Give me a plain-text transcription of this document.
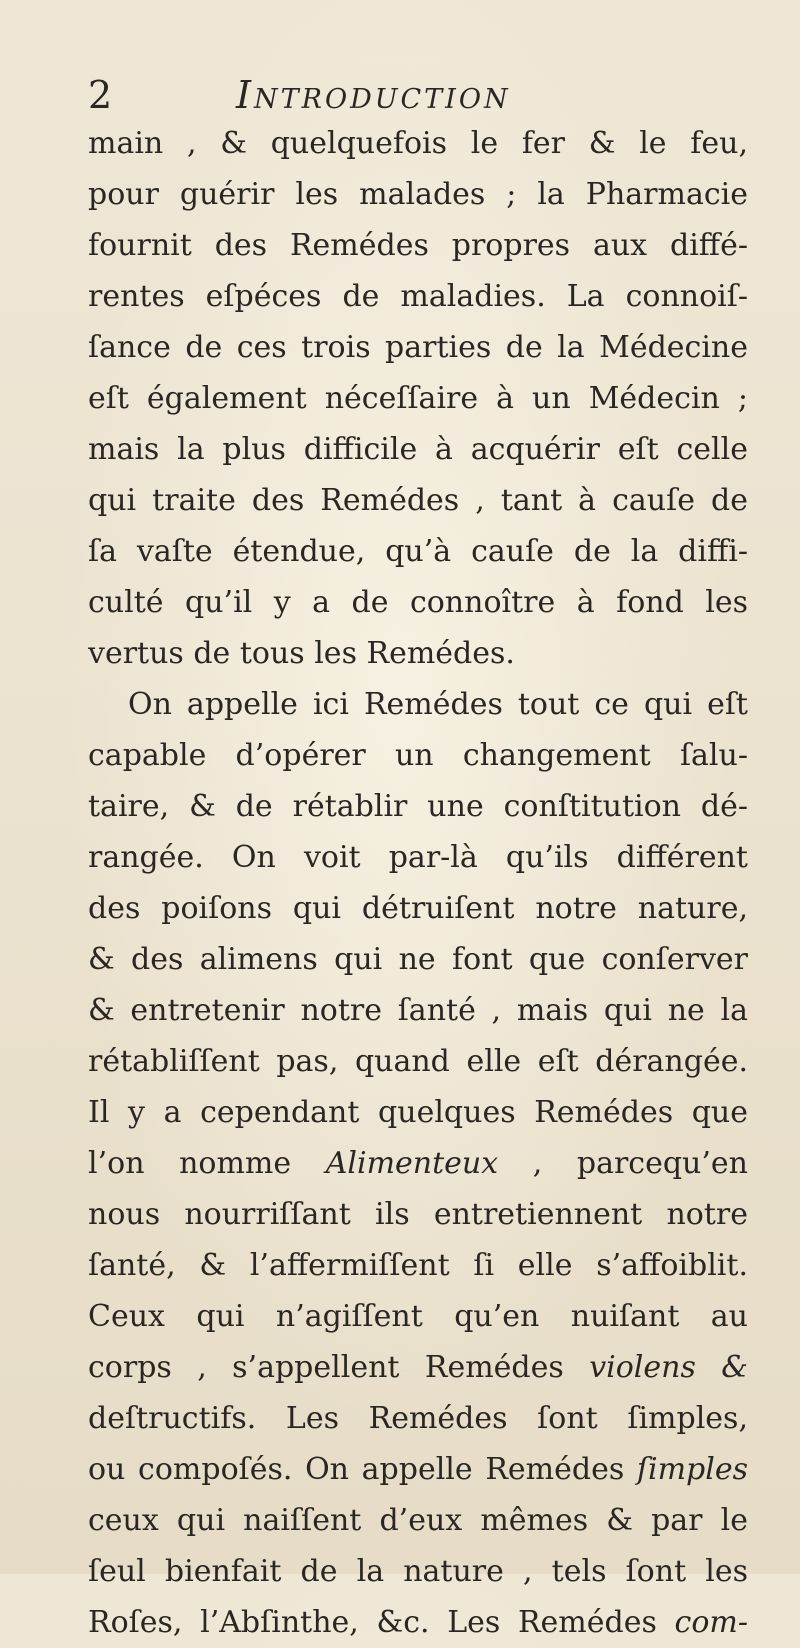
2	Introduction
main , & quelquefois le fer & le feu,
pour guérir les malades ; la Pharmacie
fournit des Remédes propres aux diffé-
rentes eſpéces de maladies. La connoiſ-
ſance de ces trois parties de la Médecine
eſt également néceſſaire à un Médecin ;
mais la plus difficile à acquérir eſt celle
qui traite des Remédes , tant à cauſe de
ſa vaſte étendue, qu’à cauſe de la diffi-
culté qu’il y a de connoître à fond les
vertus de tous les Remédes.
On appelle ici Remédes tout ce qui eſt
capable d’opérer un changement ſalu-
taire, & de rétablir une conſtitution dé-
rangée. On voit par-là qu’ils différent
des poiſons qui détruiſent notre nature,
& des alimens qui ne font que conſerver
& entretenir notre ſanté , mais qui ne la
rétabliſſent pas, quand elle eſt dérangée.
Il y a cependant quelques Remédes que
l’on nomme Alimenteux , parcequ’en
nous nourriſſant ils entretiennent notre
ſanté, & l’affermiſſent ſi elle s’affoiblit.
Ceux qui n’agiſſent qu’en nuiſant au
corps , s’appellent Remédes violens &
deſtructifs. Les Remédes ſont ſimples,
ou compoſés. On appelle Remédes ſimples
ceux qui naiſſent d’eux mêmes & par le
ſeul bienfait de la nature , tels ſont les
Roſes, l’Abſinthe, &c. Les Remédes com-
